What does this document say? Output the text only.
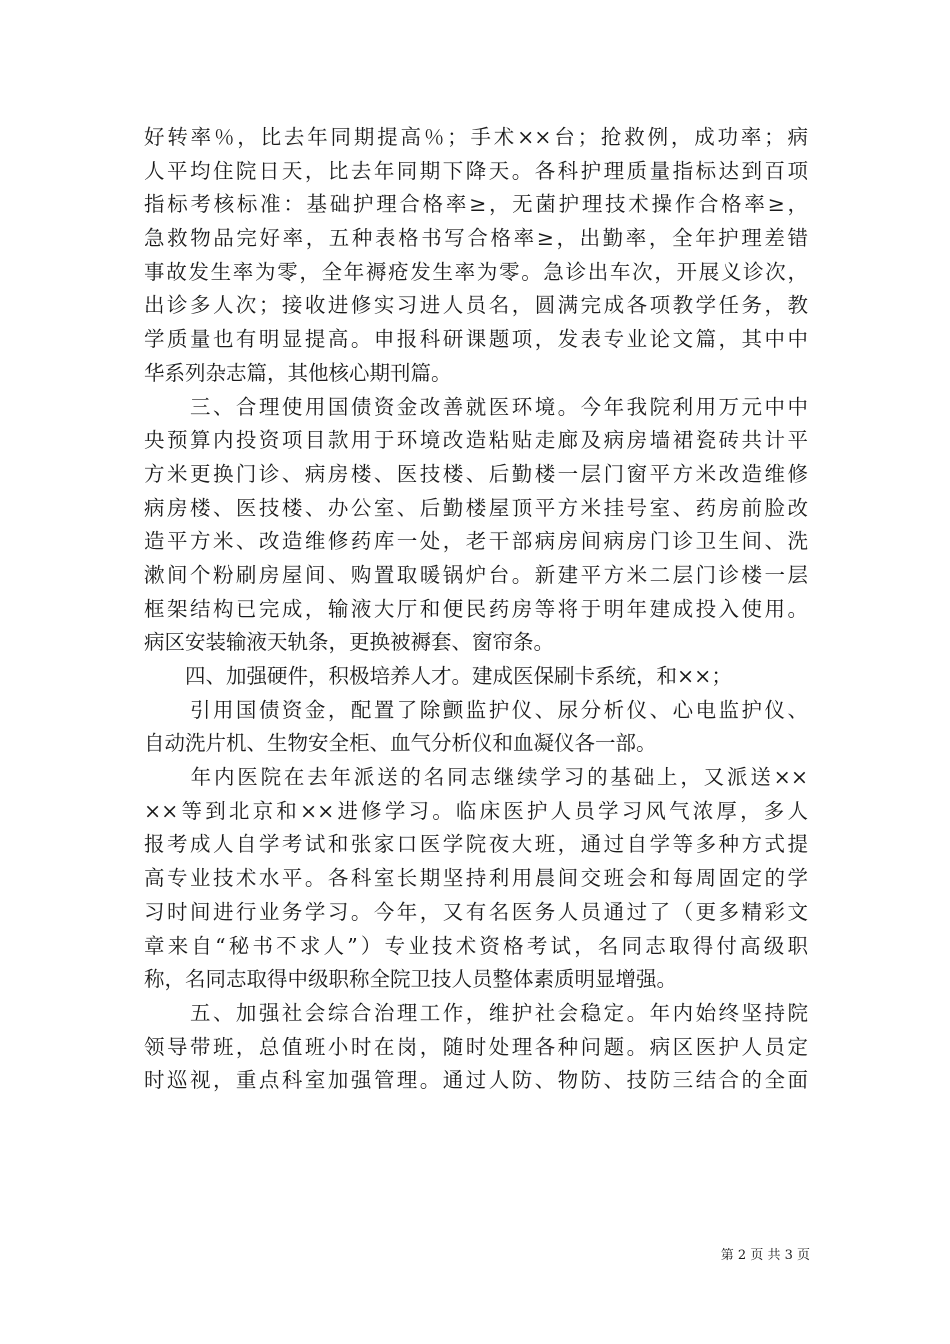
好转率％，比去年同期提高％；手术××台；抢救例，成功率；病
人平均住院日天，比去年同期下降天。各科护理质量指标达到百项
指标考核标准：基础护理合格率≥，无菌护理技术操作合格率≥，
急救物品完好率，五种表格书写合格率≥，出勤率，全年护理差错
事故发生率为零，全年褥疮发生率为零。急诊出车次，开展义诊次，
出诊多人次；接收进修实习进人员名，圆满完成各项教学任务，教
学质量也有明显提高。申报科研课题项，发表专业论文篇，其中中
华系列杂志篇，其他核心期刊篇。
　　三、合理使用国债资金改善就医环境。今年我院利用万元中中
央预算内投资项目款用于环境改造粘贴走廊及病房墙裙瓷砖共计平
方米更换门诊、病房楼、医技楼、后勤楼一层门窗平方米改造维修
病房楼、医技楼、办公室、后勤楼屋顶平方米挂号室、药房前脸改
造平方米、改造维修药库一处，老干部病房间病房门诊卫生间、洗
漱间个粉刷房屋间、购置取暖锅炉台。新建平方米二层门诊楼一层
框架结构已完成，输液大厅和便民药房等将于明年建成投入使用。
病区安装输液天轨条，更换被褥套、窗帘条。
　　四、加强硬件，积极培养人才。建成医保刷卡系统，和××；
　　引用国债资金，配置了除颤监护仪、尿分析仪、心电监护仪、
自动洗片机、生物安全柜、血气分析仪和血凝仪各一部。
　　年内医院在去年派送的名同志继续学习的基础上，又派送××
××等到北京和××进修学习。临床医护人员学习风气浓厚，多人
报考成人自学考试和张家口医学院夜大班，通过自学等多种方式提
高专业技术水平。各科室长期坚持利用晨间交班会和每周固定的学
习时间进行业务学习。今年，又有名医务人员通过了（更多精彩文
章来自“秘书不求人”）专业技术资格考试，名同志取得付高级职
称，名同志取得中级职称全院卫技人员整体素质明显增强。
　　五、加强社会综合治理工作，维护社会稳定。年内始终坚持院
领导带班，总值班小时在岗，随时处理各种问题。病区医护人员定
时巡视，重点科室加强管理。通过人防、物防、技防三结合的全面
第 2 页 共 3 页
